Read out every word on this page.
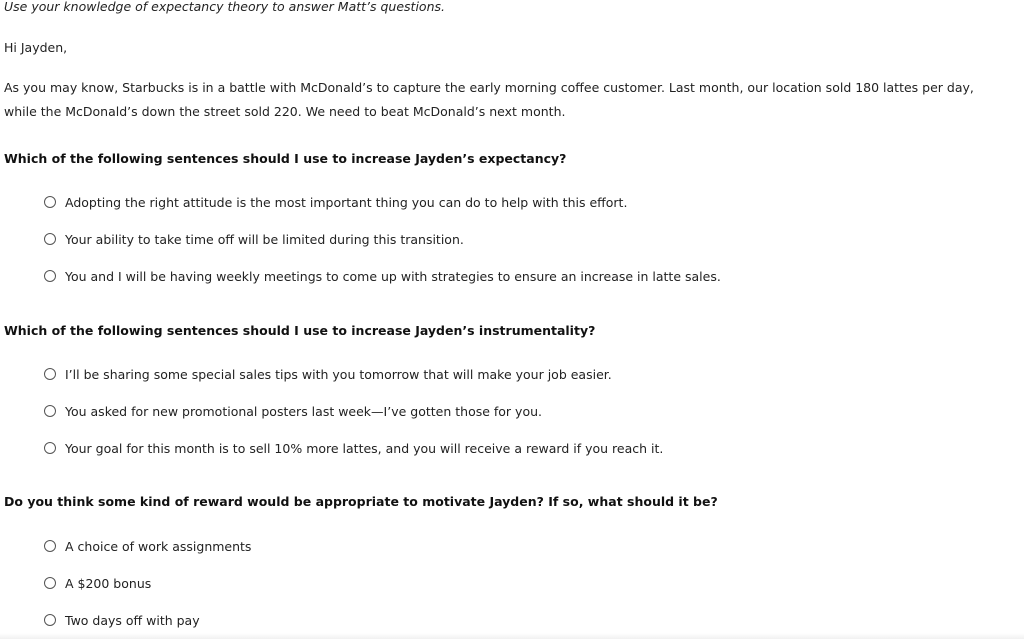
Use your knowledge of expectancy theory to answer Matt’s questions.
Hi Jayden,
As you may know, Starbucks is in a battle with McDonald’s to capture the early morning coffee customer. Last month, our location sold 180 lattes per day, while the McDonald’s down the street sold 220. We need to beat McDonald’s next month.
Which of the following sentences should I use to increase Jayden’s expectancy?
Adopting the right attitude is the most important thing you can do to help with this effort.
Your ability to take time off will be limited during this transition.
You and I will be having weekly meetings to come up with strategies to ensure an increase in latte sales.
Which of the following sentences should I use to increase Jayden’s instrumentality?
I’ll be sharing some special sales tips with you tomorrow that will make your job easier.
You asked for new promotional posters last week—I’ve gotten those for you.
Your goal for this month is to sell 10% more lattes, and you will receive a reward if you reach it.
Do you think some kind of reward would be appropriate to motivate Jayden? If so, what should it be?
A choice of work assignments
A $200 bonus
Two days off with pay
